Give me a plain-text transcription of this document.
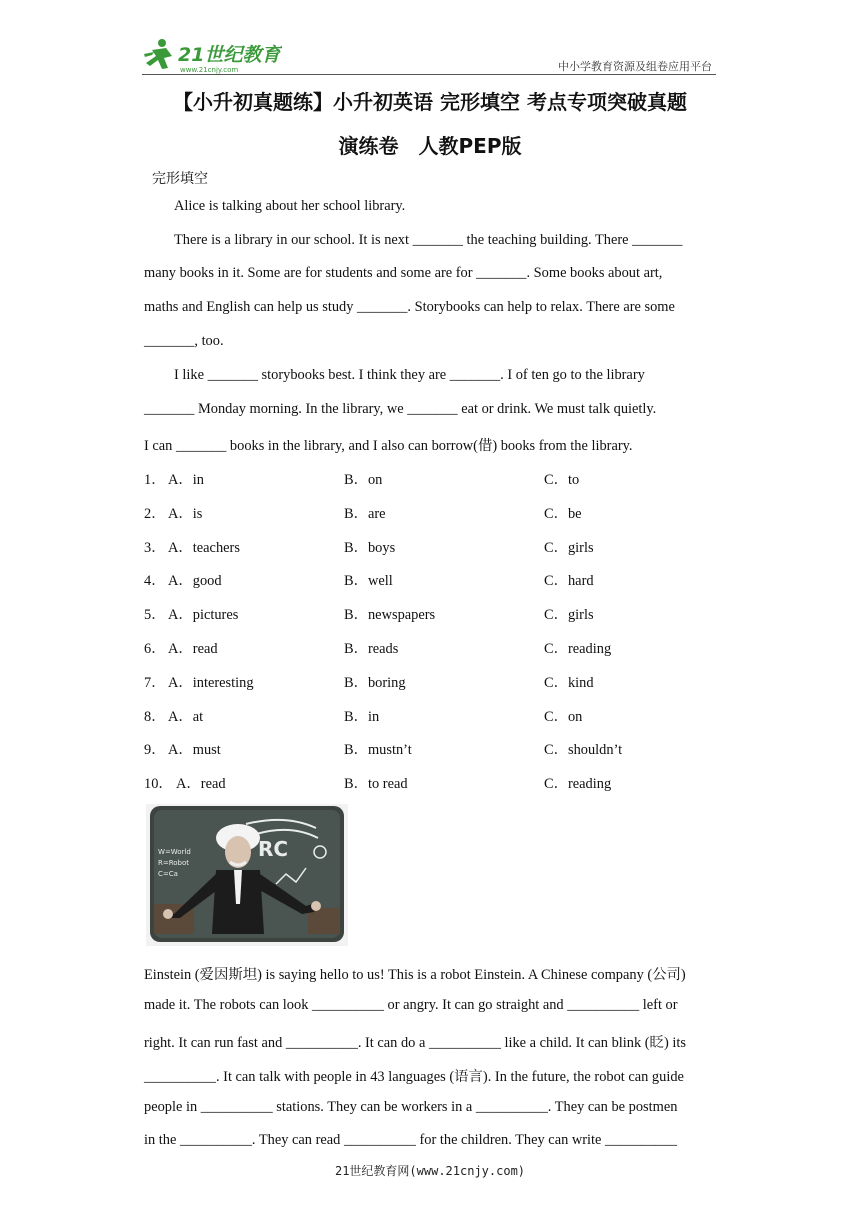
21世纪教育
www.21cnjy.com	中小学教育资源及组卷应用平台
【小升初真题练】小升初英语 完形填空 考点专项突破真题
演练卷　人教PEP版
完形填空
Alice is talking about her school library.
There is a library in our school. It is next _______ the teaching building. There _______
many books in it. Some are for students and some are for _______. Some books about art,
maths and English can help us study _______. Storybooks can help to relax. There are some
_______, too.
I like _______ storybooks best. I think they are _______. I of ten go to the library
_______ Monday morning. In the library, we _______ eat or drink. We must talk quietly.
I can _______ books in the library, and I also can borrow(借) books from the library.
1． A．in	B．on	C．to
2． A．is	B．are	C．be
3． A．teachers	B．boys	C．girls
4． A．good	B．well	C．hard
5． A．pictures	B．newspapers	C．girls
6． A．read	B．reads	C．reading
7． A．interesting	B．boring	C．kind
8． A．at	B．in	C．on
9． A．must	B．mustn’t	C．shouldn’t
10． A．read	B．to read	C．reading
W=World
R=Robot
C=Ca
RC
Einstein (爱因斯坦) is saying hello to us! This is a robot Einstein. A Chinese company (公司)
made it. The robots can look __________ or angry. It can go straight and __________ left or
right. It can run fast and __________. It can do a __________ like a child. It can blink (眨) its
__________. It can talk with people in 43 languages (语言). In the future, the robot can guide
people in __________ stations. They can be workers in a __________. They can be postmen
in the __________. They can read __________ for the children. They can write __________
21世纪教育网(www.21cnjy.com)
